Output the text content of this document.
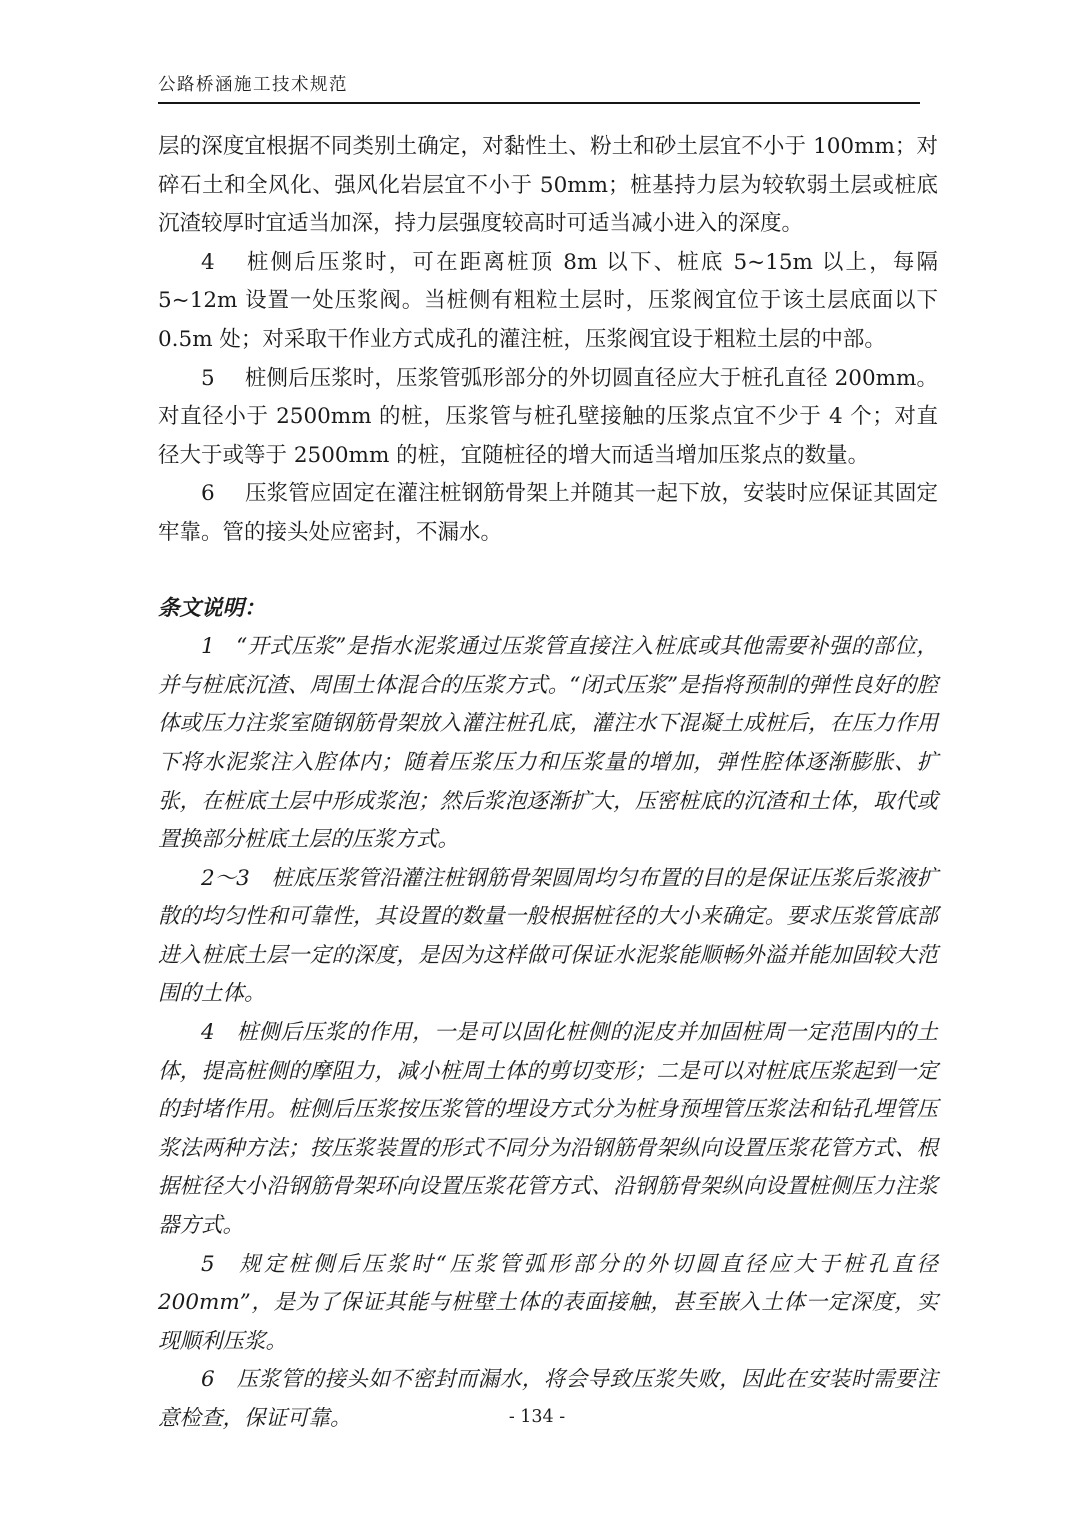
公路桥涵施工技术规范

层的深度宜根据不同类别土确定，对黏性土、粉土和砂土层宜不小于 100mm；对碎石土和全风化、强风化岩层宜不小于 50mm；桩基持力层为较软弱土层或桩底沉渣较厚时宜适当加深，持力层强度较高时可适当减小进入的深度。

4 桩侧后压浆时，可在距离桩顶 8m 以下、桩底 5~15m 以上，每隔 5~12m 设置一处压浆阀。当桩侧有粗粒土层时，压浆阀宜位于该土层底面以下 0.5m 处；对采取干作业方式成孔的灌注桩，压浆阀宜设于粗粒土层的中部。

5 桩侧后压浆时，压浆管弧形部分的外切圆直径应大于桩孔直径 200mm。对直径小于 2500mm 的桩，压浆管与桩孔壁接触的压浆点宜不少于 4 个；对直径大于或等于 2500mm 的桩，宜随桩径的增大而适当增加压浆点的数量。

6 压浆管应固定在灌注桩钢筋骨架上并随其一起下放，安装时应保证其固定牢靠。管的接头处应密封，不漏水。

条文说明：

1 “开式压浆”是指水泥浆通过压浆管直接注入桩底或其他需要补强的部位，并与桩底沉渣、周围土体混合的压浆方式。“闭式压浆”是指将预制的弹性良好的腔体或压力注浆室随钢筋骨架放入灌注桩孔底，灌注水下混凝土成桩后，在压力作用下将水泥浆注入腔体内；随着压浆压力和压浆量的增加，弹性腔体逐渐膨胀、扩张，在桩底土层中形成浆泡；然后浆泡逐渐扩大，压密桩底的沉渣和土体，取代或置换部分桩底土层的压浆方式。

2～3 桩底压浆管沿灌注桩钢筋骨架圆周均匀布置的目的是保证压浆后浆液扩散的均匀性和可靠性，其设置的数量一般根据桩径的大小来确定。要求压浆管底部进入桩底土层一定的深度，是因为这样做可保证水泥浆能顺畅外溢并能加固较大范围的土体。

4 桩侧后压浆的作用，一是可以固化桩侧的泥皮并加固桩周一定范围内的土体，提高桩侧的摩阻力，减小桩周土体的剪切变形；二是可以对桩底压浆起到一定的封堵作用。桩侧后压浆按压浆管的埋设方式分为桩身预埋管压浆法和钻孔埋管压浆法两种方法；按压浆装置的形式不同分为沿钢筋骨架纵向设置压浆花管方式、根据桩径大小沿钢筋骨架环向设置压浆花管方式、沿钢筋骨架纵向设置桩侧压力注浆器方式。

5 规定桩侧后压浆时“压浆管弧形部分的外切圆直径应大于桩孔直径200mm”，是为了保证其能与桩壁土体的表面接触，甚至嵌入土体一定深度，实现顺利压浆。

6 压浆管的接头如不密封而漏水，将会导致压浆失败，因此在安装时需要注意检查，保证可靠。	- 134 -
